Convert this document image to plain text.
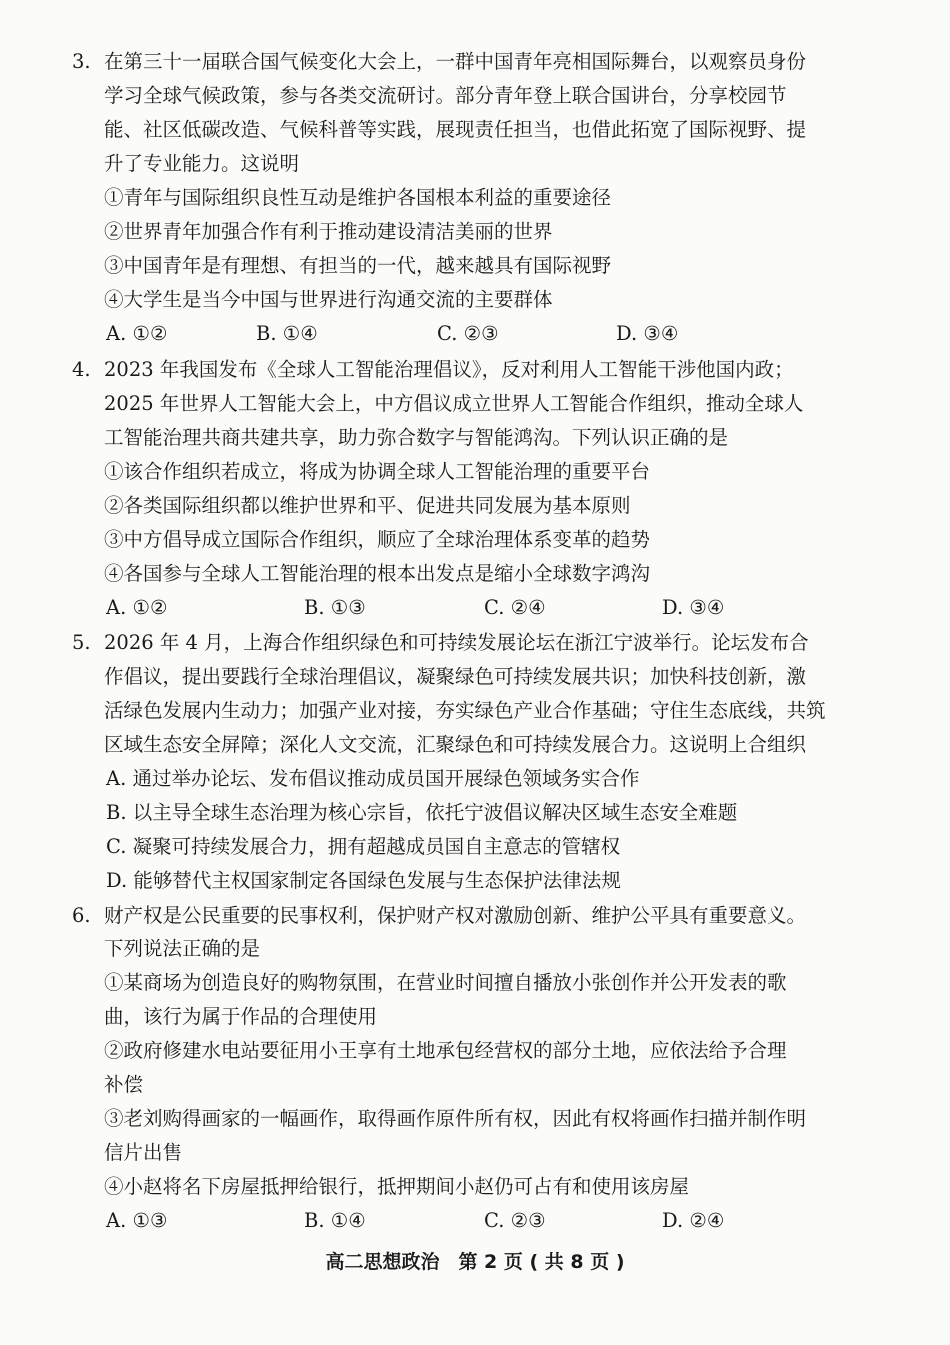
3. 在第三十一届联合国气候变化大会上，一群中国青年亮相国际舞台，以观察员身份
学习全球气候政策，参与各类交流研讨。部分青年登上联合国讲台，分享校园节
能、社区低碳改造、气候科普等实践，展现责任担当，也借此拓宽了国际视野、提
升了专业能力。这说明
①青年与国际组织良性互动是维护各国根本利益的重要途径
②世界青年加强合作有利于推动建设清洁美丽的世界
③中国青年是有理想、有担当的一代，越来越具有国际视野
④大学生是当今中国与世界进行沟通交流的主要群体
A. ①②	B. ①④	C. ②③	D. ③④
4. 2023 年我国发布《全球人工智能治理倡议》，反对利用人工智能干涉他国内政；
2025 年世界人工智能大会上，中方倡议成立世界人工智能合作组织，推动全球人
工智能治理共商共建共享，助力弥合数字与智能鸿沟。下列认识正确的是
①该合作组织若成立，将成为协调全球人工智能治理的重要平台
②各类国际组织都以维护世界和平、促进共同发展为基本原则
③中方倡导成立国际合作组织，顺应了全球治理体系变革的趋势
④各国参与全球人工智能治理的根本出发点是缩小全球数字鸿沟
A. ①②	B. ①③	C. ②④	D. ③④
5. 2026 年 4 月，上海合作组织绿色和可持续发展论坛在浙江宁波举行。论坛发布合
作倡议，提出要践行全球治理倡议，凝聚绿色可持续发展共识；加快科技创新，激
活绿色发展内生动力；加强产业对接，夯实绿色产业合作基础；守住生态底线，共筑
区域生态安全屏障；深化人文交流，汇聚绿色和可持续发展合力。这说明上合组织
A. 通过举办论坛、发布倡议推动成员国开展绿色领域务实合作
B. 以主导全球生态治理为核心宗旨，依托宁波倡议解决区域生态安全难题
C. 凝聚可持续发展合力，拥有超越成员国自主意志的管辖权
D. 能够替代主权国家制定各国绿色发展与生态保护法律法规
6. 财产权是公民重要的民事权利，保护财产权对激励创新、维护公平具有重要意义。
下列说法正确的是
①某商场为创造良好的购物氛围，在营业时间擅自播放小张创作并公开发表的歌
曲，该行为属于作品的合理使用
②政府修建水电站要征用小王享有土地承包经营权的部分土地，应依法给予合理
补偿
③老刘购得画家的一幅画作，取得画作原件所有权，因此有权将画作扫描并制作明
信片出售
④小赵将名下房屋抵押给银行，抵押期间小赵仍可占有和使用该房屋
A. ①③	B. ①④	C. ②③	D. ②④
高二思想政治　第 2 页 ( 共 8 页 )
